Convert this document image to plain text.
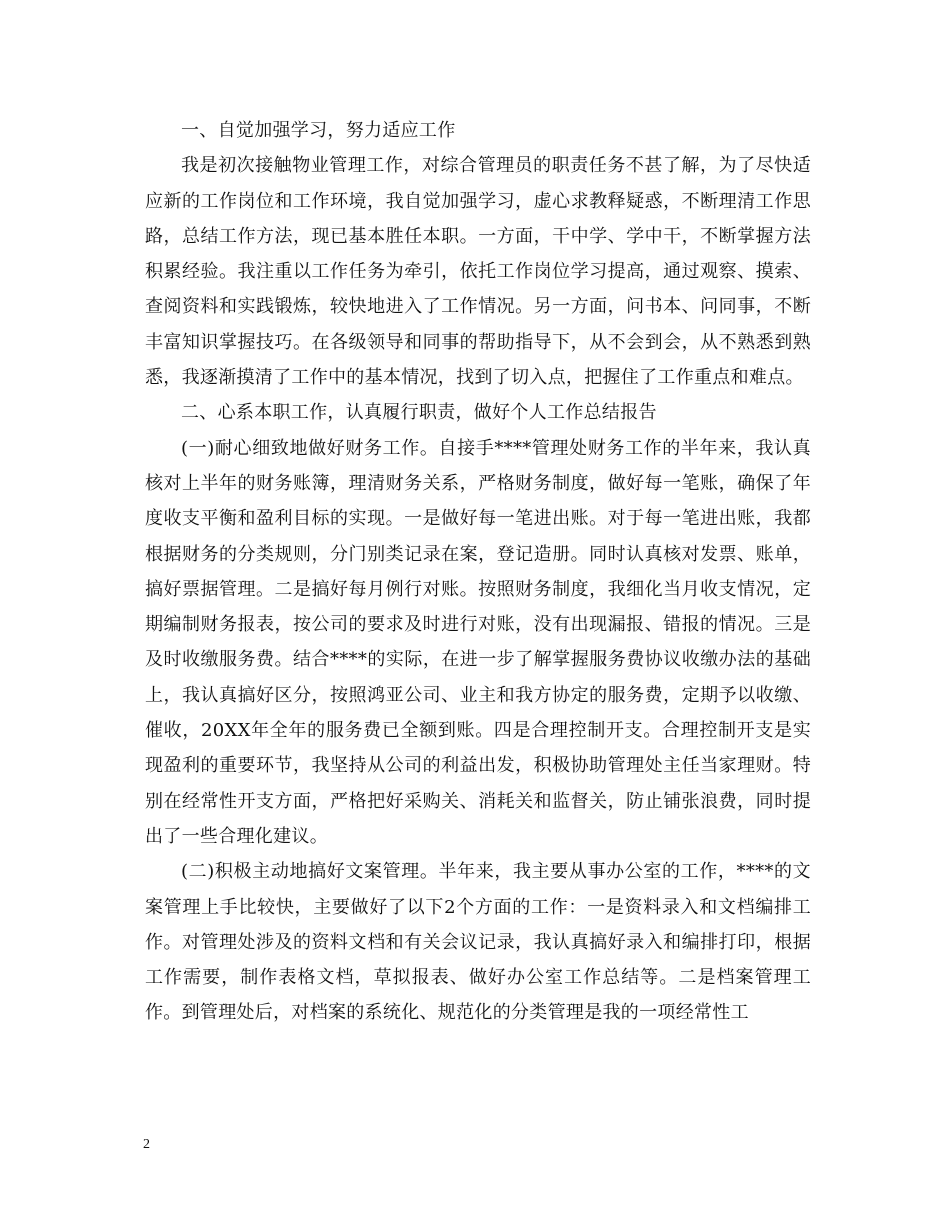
一、自觉加强学习，努力适应工作

我是初次接触物业管理工作，对综合管理员的职责任务不甚了解，为了尽快适应新的工作岗位和工作环境，我自觉加强学习，虚心求教释疑惑，不断理清工作思路，总结工作方法，现已基本胜任本职。一方面，干中学、学中干，不断掌握方法积累经验。我注重以工作任务为牵引，依托工作岗位学习提高，通过观察、摸索、查阅资料和实践锻炼，较快地进入了工作情况。另一方面，问书本、问同事，不断丰富知识掌握技巧。在各级领导和同事的帮助指导下，从不会到会，从不熟悉到熟悉，我逐渐摸清了工作中的基本情况，找到了切入点，把握住了工作重点和难点。

二、心系本职工作，认真履行职责，做好个人工作总结报告

(一)耐心细致地做好财务工作。自接手****管理处财务工作的半年来，我认真核对上半年的财务账簿，理清财务关系，严格财务制度，做好每一笔账，确保了年度收支平衡和盈利目标的实现。一是做好每一笔进出账。对于每一笔进出账，我都根据财务的分类规则，分门别类记录在案，登记造册。同时认真核对发票、账单，搞好票据管理。二是搞好每月例行对账。按照财务制度，我细化当月收支情况，定期编制财务报表，按公司的要求及时进行对账，没有出现漏报、错报的情况。三是及时收缴服务费。结合****的实际，在进一步了解掌握服务费协议收缴办法的基础上，我认真搞好区分，按照鸿亚公司、业主和我方协定的服务费，定期予以收缴、催收，20XX年全年的服务费已全额到账。四是合理控制开支。合理控制开支是实现盈利的重要环节，我坚持从公司的利益出发，积极协助管理处主任当家理财。特别在经常性开支方面，严格把好采购关、消耗关和监督关，防止铺张浪费，同时提出了一些合理化建议。

(二)积极主动地搞好文案管理。半年来，我主要从事办公室的工作，****的文案管理上手比较快，主要做好了以下2个方面的工作：一是资料录入和文档编排工作。对管理处涉及的资料文档和有关会议记录，我认真搞好录入和编排打印，根据工作需要，制作表格文档，草拟报表、做好办公室工作总结等。二是档案管理工作。到管理处后，对档案的系统化、规范化的分类管理是我的一项经常性工

2
